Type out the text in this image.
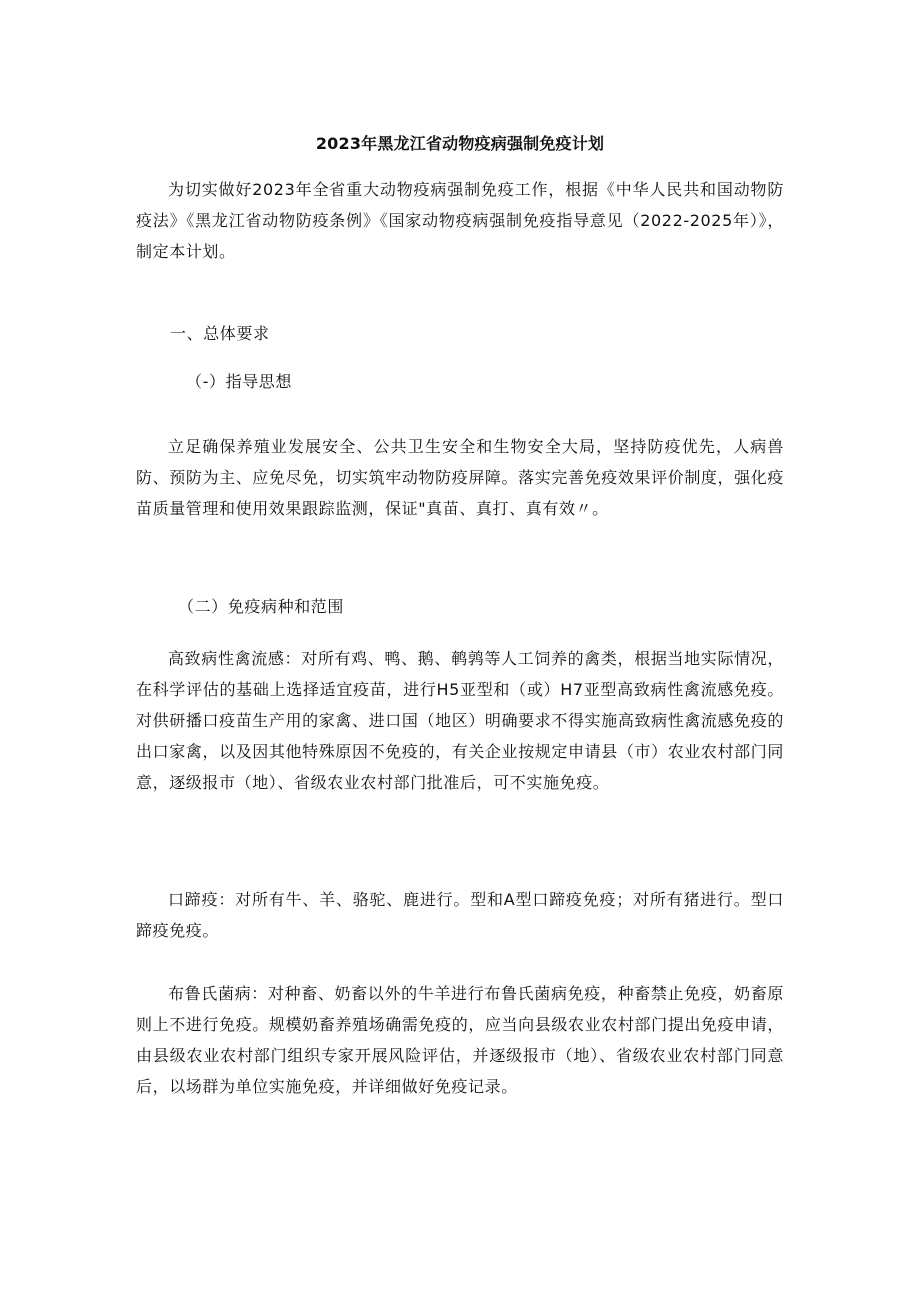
2023年黑龙江省动物疫病强制免疫计划

为切实做好2023年全省重大动物疫病强制免疫工作，根据《中华人民共和国动物防疫法》《黑龙江省动物防疫条例》《国家动物疫病强制免疫指导意见（2022-2025年）》，制定本计划。

一、总体要求
（-）指导思想

立足确保养殖业发展安全、公共卫生安全和生物安全大局，坚持防疫优先，人病兽防、预防为主、应免尽免，切实筑牢动物防疫屏障。落实完善免疫效果评价制度，强化疫苗质量管理和使用效果跟踪监测，保证"真苗、真打、真有效〃。

（二）免疫病种和范围

高致病性禽流感：对所有鸡、鸭、鹅、鹌鹑等人工饲养的禽类，根据当地实际情况，在科学评估的基础上选择适宜疫苗，进行H5亚型和（或）H7亚型高致病性禽流感免疫。对供研播口疫苗生产用的家禽、进口国（地区）明确要求不得实施高致病性禽流感免疫的出口家禽，以及因其他特殊原因不免疫的，有关企业按规定申请县（市）农业农村部门同意，逐级报市（地）、省级农业农村部门批准后，可不实施免疫。

口蹄疫：对所有牛、羊、骆驼、鹿进行。型和A型口蹄疫免疫；对所有猪进行。型口蹄疫免疫。

布鲁氏菌病：对种畜、奶畜以外的牛羊进行布鲁氏菌病免疫，种畜禁止免疫，奶畜原则上不进行免疫。规模奶畜养殖场确需免疫的，应当向县级农业农村部门提出免疫申请，由县级农业农村部门组织专家开展风险评估，并逐级报市（地）、省级农业农村部门同意后，以场群为单位实施免疫，并详细做好免疫记录。
